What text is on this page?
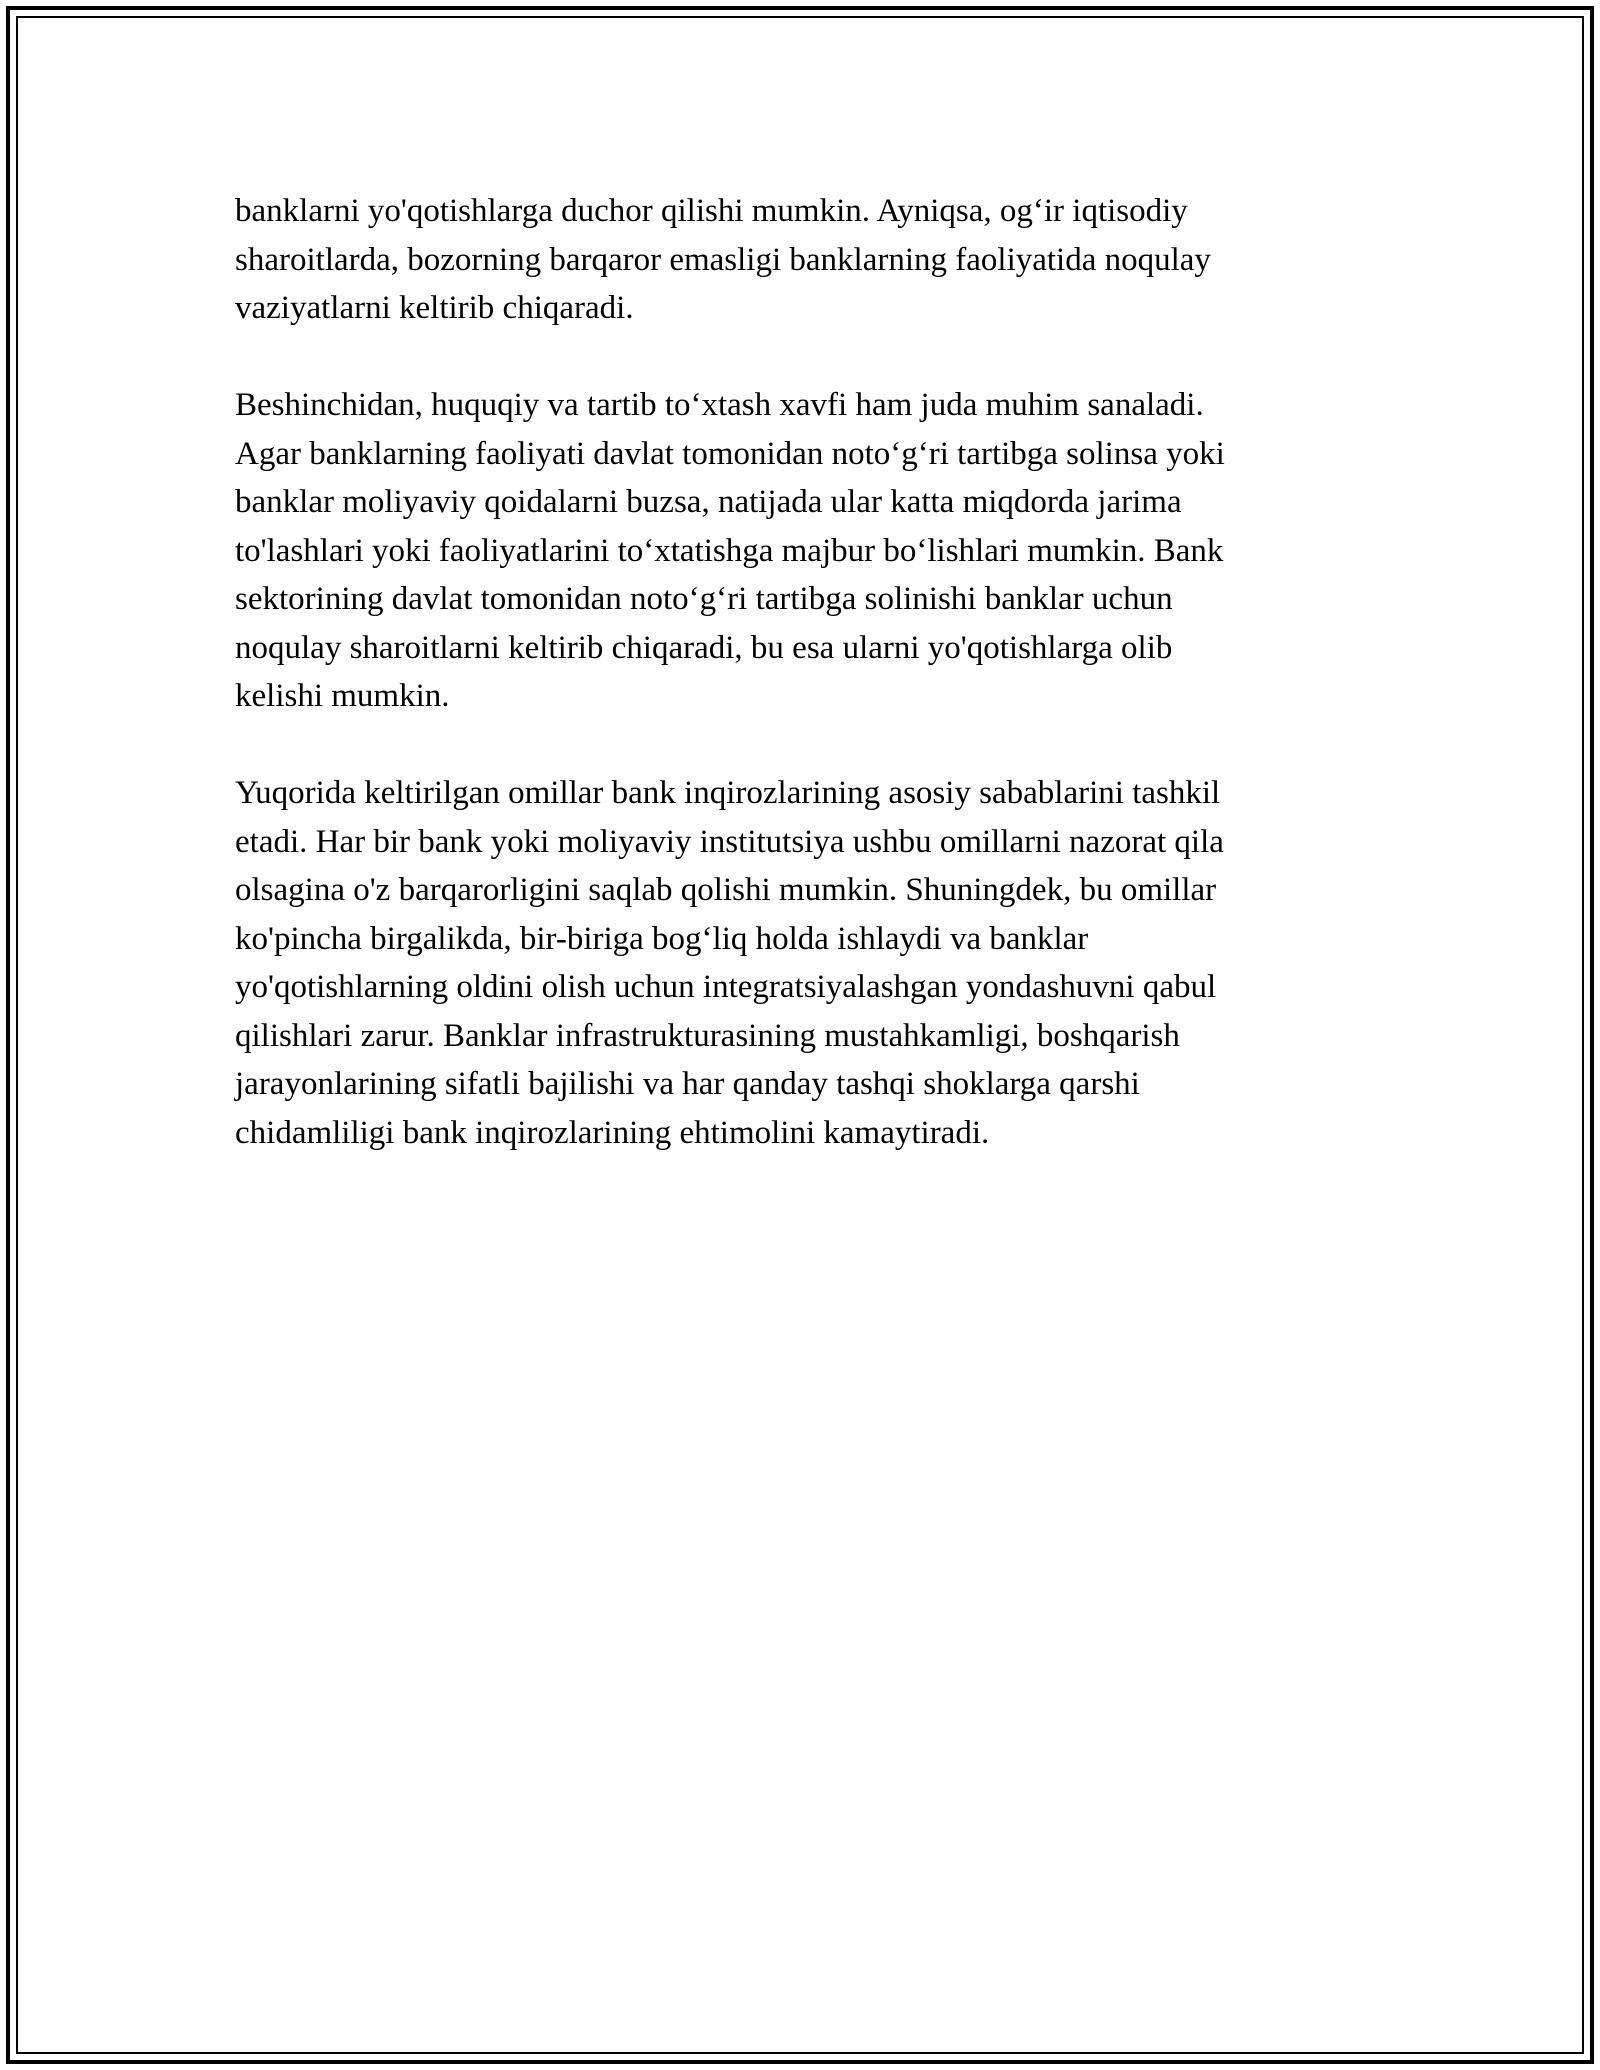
banklarni yo'qotishlarga duchor qilishi mumkin. Ayniqsa, og‘ir iqtisodiy
sharoitlarda, bozorning barqaror emasligi banklarning faoliyatida noqulay
vaziyatlarni keltirib chiqaradi.

Beshinchidan, huquqiy va tartib to‘xtash xavfi ham juda muhim sanaladi.
Agar banklarning faoliyati davlat tomonidan noto‘g‘ri tartibga solinsa yoki
banklar moliyaviy qoidalarni buzsa, natijada ular katta miqdorda jarima
to'lashlari yoki faoliyatlarini to‘xtatishga majbur bo‘lishlari mumkin. Bank
sektorining davlat tomonidan noto‘g‘ri tartibga solinishi banklar uchun
noqulay sharoitlarni keltirib chiqaradi, bu esa ularni yo'qotishlarga olib
kelishi mumkin.

Yuqorida keltirilgan omillar bank inqirozlarining asosiy sabablarini tashkil
etadi. Har bir bank yoki moliyaviy institutsiya ushbu omillarni nazorat qila
olsagina o'z barqarorligini saqlab qolishi mumkin. Shuningdek, bu omillar
ko'pincha birgalikda, bir-biriga bog‘liq holda ishlaydi va banklar
yo'qotishlarning oldini olish uchun integratsiyalashgan yondashuvni qabul
qilishlari zarur. Banklar infrastrukturasining mustahkamligi, boshqarish
jarayonlarining sifatli bajilishi va har qanday tashqi shoklarga qarshi
chidamliligi bank inqirozlarining ehtimolini kamaytiradi.
